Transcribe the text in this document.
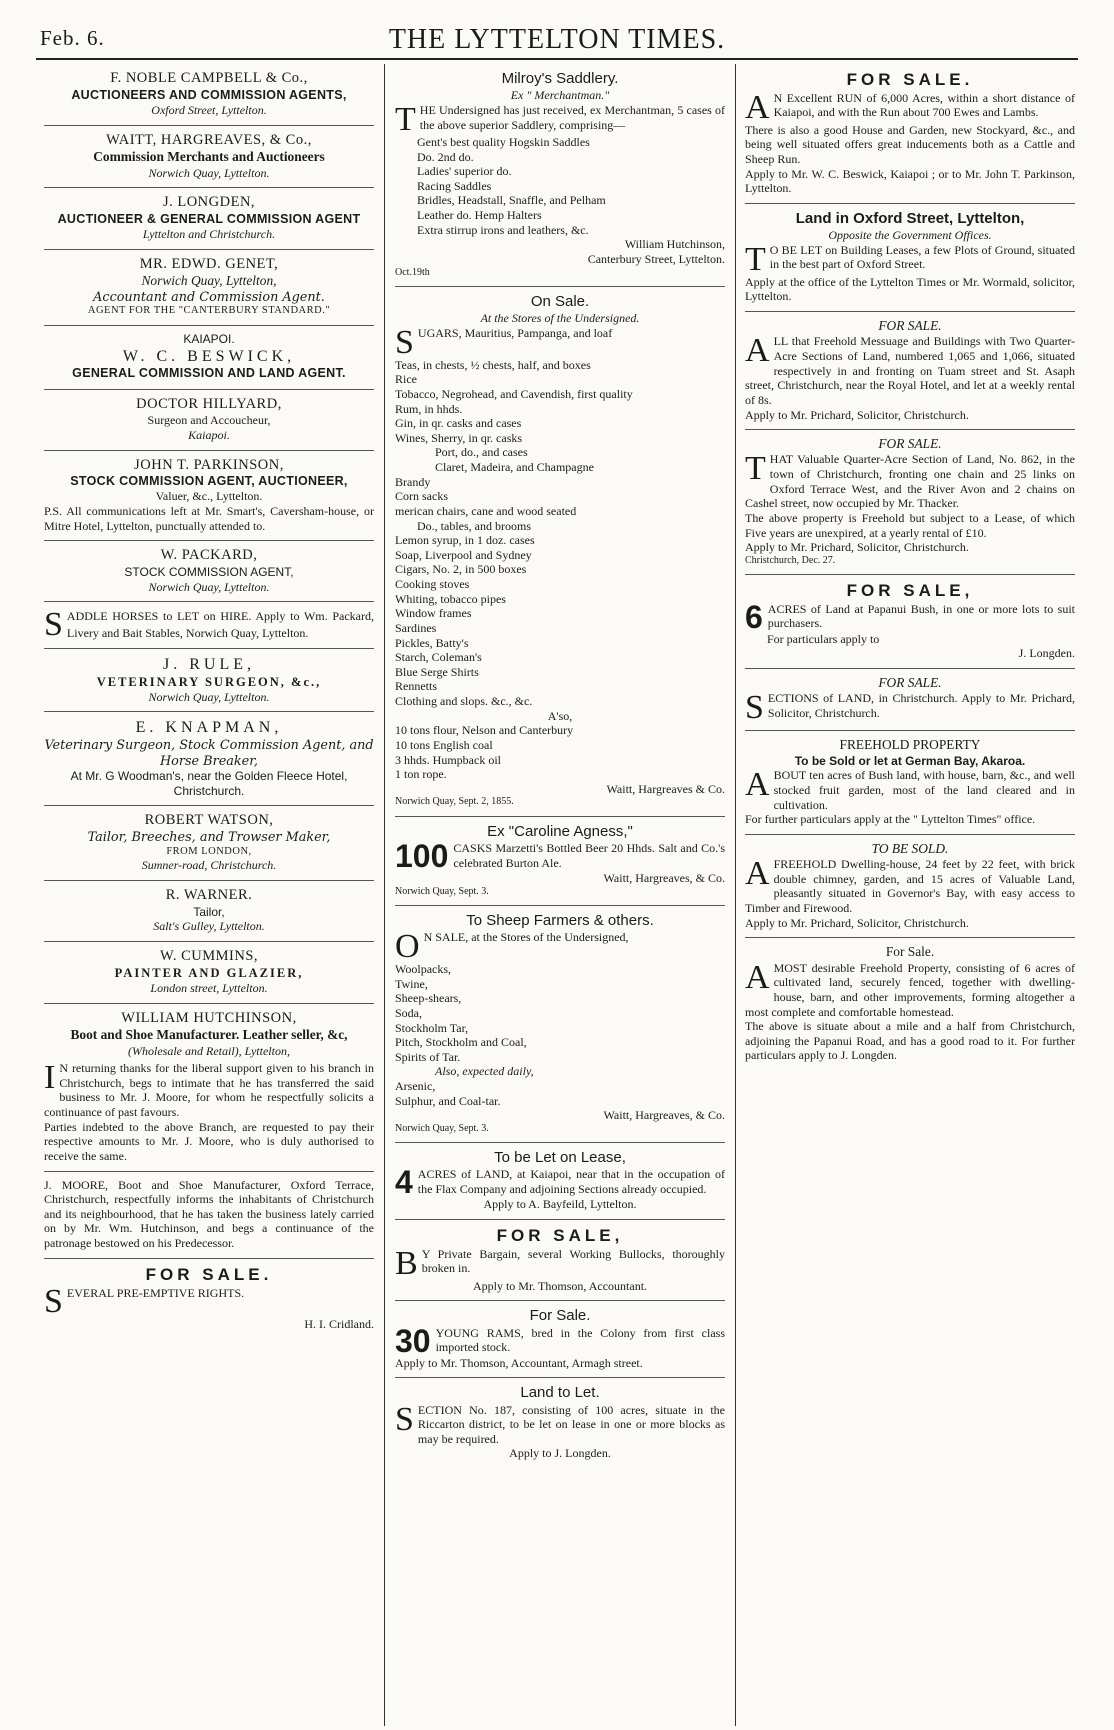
Feb. 6.	THE LYTTELTON TIMES.
F. NOBLE CAMPBELL & Co.,
AUCTIONEERS AND COMMISSION AGENTS,
Oxford Street, Lyttelton.
WAITT, HARGREAVES, & Co.,
Commission Merchants and Auctioneers
Norwich Quay, Lyttelton.
J. LONGDEN,
AUCTIONEER & GENERAL COMMISSION AGENT
Lyttelton and Christchurch.
MR. EDWD. GENET,
Norwich Quay, Lyttelton,
Accountant and Commission Agent.
AGENT FOR THE "CANTERBURY STANDARD."
KAIAPOI.
W. C. BESWICK,
GENERAL COMMISSION AND LAND AGENT.
DOCTOR HILLYARD,
Surgeon and Accoucheur,
Kaiapoi.
JOHN T. PARKINSON,
STOCK COMMISSION AGENT, AUCTIONEER,
Valuer, &c., Lyttelton.
P.S. All communications left at Mr. Smart's, Caversham-house, or Mitre Hotel, Lyttelton, punctually attended to.
W. PACKARD,
STOCK COMMISSION AGENT,
Norwich Quay, Lyttelton.
S ADDLE HORSES to LET on HIRE. Apply to Wm. Packard, Livery and Bait Stables, Norwich Quay, Lyttelton.
J. RULE,
VETERINARY SURGEON, &c.,
Norwich Quay, Lyttelton.
E. KNAPMAN,
Veterinary Surgeon, Stock Commission Agent, and Horse Breaker,
At Mr. G Woodman's, near the Golden Fleece Hotel, Christchurch.
ROBERT WATSON,
Tailor, Breeches, and Trowser Maker,
FROM LONDON,
Sumner-road, Christchurch.
R. WARNER.
Tailor,
Salt's Gulley, Lyttelton.
W. CUMMINS,
PAINTER AND GLAZIER,
London street, Lyttelton.
WILLIAM HUTCHINSON,
Boot and Shoe Manufacturer. Leather seller, &c,
(Wholesale and Retail), Lyttelton,
I N returning thanks for the liberal support given to his branch in Christchurch, begs to intimate that he has transferred the said business to Mr. J. Moore, for whom he respectfully solicits a continuance of past favours.
Parties indebted to the above Branch, are requested to pay their respective amounts to Mr. J. Moore, who is duly authorised to receive the same.
J. MOORE, Boot and Shoe Manufacturer, Oxford Terrace, Christchurch, respectfully informs the inhabitants of Christchurch and its neighbourhood, that he has taken the business lately carried on by Mr. Wm. Hutchinson, and begs a continuance of the patronage bestowed on his Predecessor.
FOR SALE.
S EVERAL PRE-EMPTIVE RIGHTS.
H. I. Cridland.
Milroy's Saddlery.
Ex " Merchantman."
T HE Undersigned has just received, ex Merchantman, 5 cases of the above superior Saddlery, comprising—
Gent's best quality Hogskin Saddles
Do. 2nd do.
Ladies' superior do.
Racing Saddles
Bridles, Headstall, Snaffle, and Pelham
Leather do. Hemp Halters
Extra stirrup irons and leathers, &c.
William Hutchinson,
Canterbury Street, Lyttelton.
Oct.19th
On Sale.
At the Stores of the Undersigned.
S UGARS, Mauritius, Pampanga, and loaf
Teas, in chests, ½ chests, half, and boxes
Rice
Tobacco, Negrohead, and Cavendish, first quality
Rum, in hhds.
Gin, in qr. casks and cases
Wines, Sherry, in qr. casks
Port, do., and cases
Claret, Madeira, and Champagne
Brandy
Corn sacks
merican chairs, cane and wood seated
Do., tables, and brooms
Lemon syrup, in 1 doz. cases
Soap, Liverpool and Sydney
Cigars, No. 2, in 500 boxes
Cooking stoves
Whiting, tobacco pipes
Window frames
Sardines
Pickles, Batty's
Starch, Coleman's
Blue Serge Shirts
Rennetts
Clothing and slops. &c., &c.
A'so,
10 tons flour, Nelson and Canterbury
10 tons English coal
3 hhds. Humpback oil
1 ton rope.
Waitt, Hargreaves & Co.
Norwich Quay, Sept. 2, 1855.
Ex "Caroline Agness,"
100 CASKS Marzetti's Bottled Beer 20 Hhds. Salt and Co.'s celebrated Burton Ale.
Waitt, Hargreaves, & Co.
Norwich Quay, Sept. 3.
To Sheep Farmers & others.
O N SALE, at the Stores of the Undersigned,
Woolpacks,
Twine,
Sheep-shears,
Soda,
Stockholm Tar,
Pitch, Stockholm and Coal,
Spirits of Tar.
Also, expected daily,
Arsenic,
Sulphur, and Coal-tar.
Waitt, Hargreaves, & Co.
Norwich Quay, Sept. 3.
To be Let on Lease,
4 ACRES of LAND, at Kaiapoi, near that in the occupation of the Flax Company and adjoining Sections already occupied.
Apply to A. Bayfeild, Lyttelton.
FOR SALE,
B Y Private Bargain, several Working Bullocks, thoroughly broken in.
Apply to Mr. Thomson, Accountant.
For Sale.
30 YOUNG RAMS, bred in the Colony from first class imported stock.
Apply to Mr. Thomson, Accountant, Armagh street.
Land to Let.
S ECTION No. 187, consisting of 100 acres, situate in the Riccarton district, to be let on lease in one or more blocks as may be required.
Apply to J. Longden.
FOR SALE.
A N Excellent RUN of 6,000 Acres, within a short distance of Kaiapoi, and with the Run about 700 Ewes and Lambs.
There is also a good House and Garden, new Stockyard, &c., and being well situated offers great inducements both as a Cattle and Sheep Run.
Apply to Mr. W. C. Beswick, Kaiapoi ; or to Mr. John T. Parkinson, Lyttelton.
Land in Oxford Street, Lyttelton,
Opposite the Government Offices.
T O BE LET on Building Leases, a few Plots of Ground, situated in the best part of Oxford Street.
Apply at the office of the Lyttelton Times or Mr. Wormald, solicitor, Lyttelton.
FOR SALE.
A LL that Freehold Messuage and Buildings with Two Quarter-Acre Sections of Land, numbered 1,065 and 1,066, situated respectively in and fronting on Tuam street and St. Asaph street, Christchurch, near the Royal Hotel, and let at a weekly rental of 8s.
Apply to Mr. Prichard, Solicitor, Christchurch.
FOR SALE.
T HAT Valuable Quarter-Acre Section of Land, No. 862, in the town of Christchurch, fronting one chain and 25 links on Oxford Terrace West, and the River Avon and 2 chains on Cashel street, now occupied by Mr. Thacker.
The above property is Freehold but subject to a Lease, of which Five years are unexpired, at a yearly rental of £10.
Apply to Mr. Prichard, Solicitor, Christchurch.
Christchurch, Dec. 27.
FOR SALE,
6 ACRES of Land at Papanui Bush, in one or more lots to suit purchasers.
For particulars apply to
J. Longden.
FOR SALE.
S ECTIONS of LAND, in Christchurch. Apply to Mr. Prichard, Solicitor, Christchurch.
FREEHOLD PROPERTY
To be Sold or let at German Bay, Akaroa.
A BOUT ten acres of Bush land, with house, barn, &c., and well stocked fruit garden, most of the land cleared and in cultivation.
For further particulars apply at the " Lyttelton Times" office.
TO BE SOLD.
A FREEHOLD Dwelling-house, 24 feet by 22 feet, with brick double chimney, garden, and 15 acres of Valuable Land, pleasantly situated in Governor's Bay, with easy access to Timber and Firewood.
Apply to Mr. Prichard, Solicitor, Christchurch.
For Sale.
A MOST desirable Freehold Property, consisting of 6 acres of cultivated land, securely fenced, together with dwelling-house, barn, and other improvements, forming altogether a most complete and comfortable homestead.
The above is situate about a mile and a half from Christchurch, adjoining the Papanui Road, and has a good road to it. For further particulars apply to J. Longden.
